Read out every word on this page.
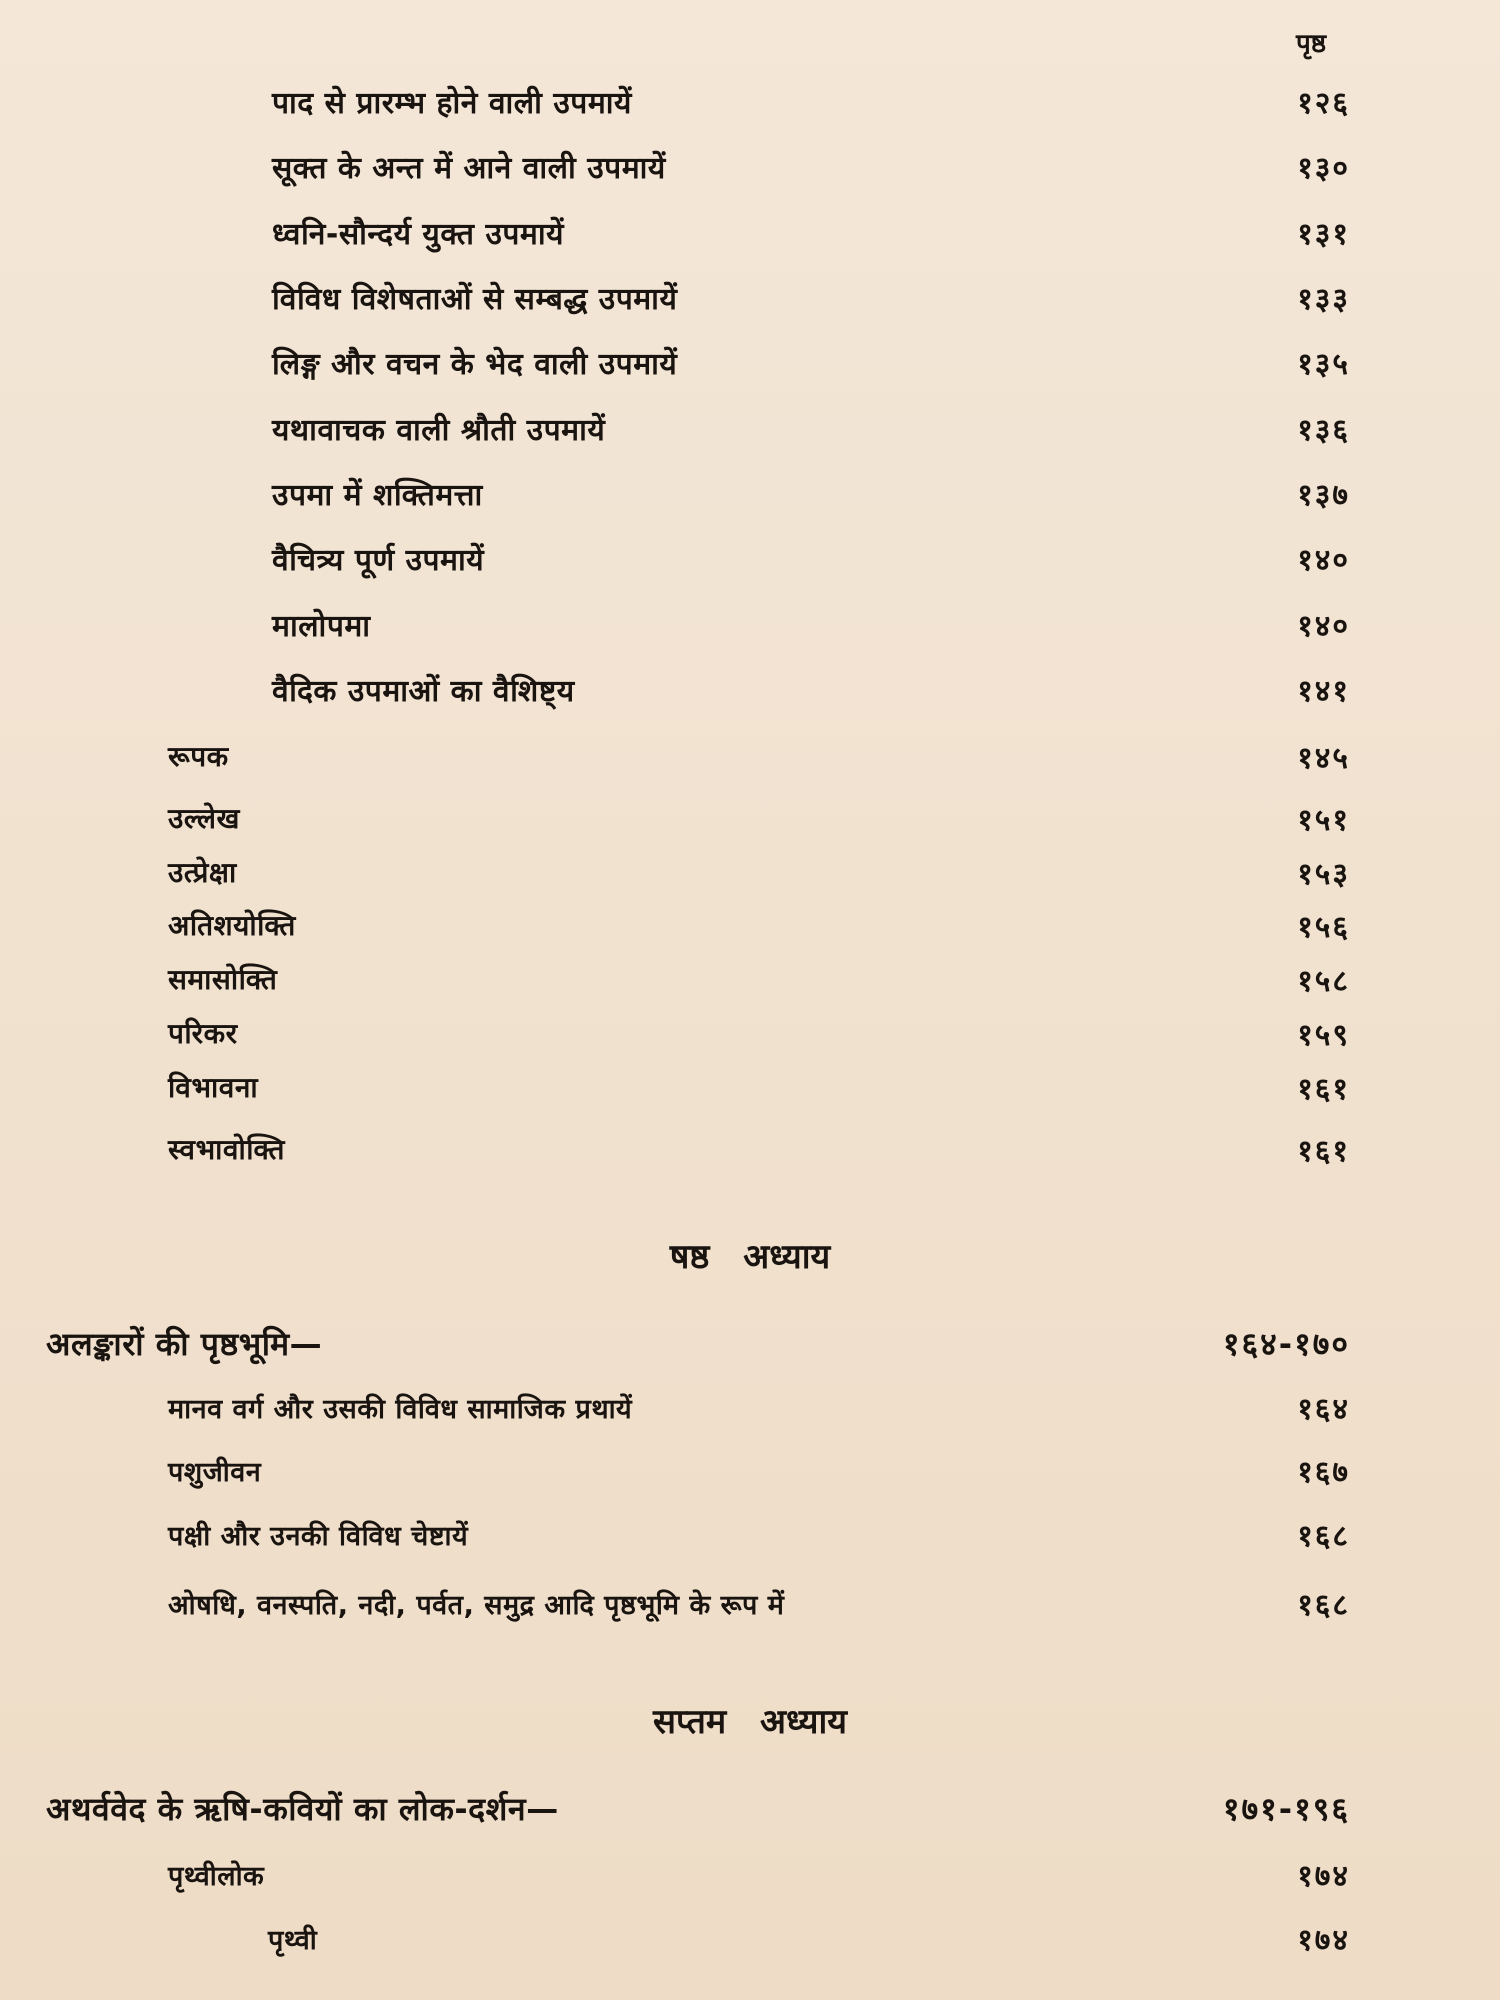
पृष्ठ
पाद से प्रारम्भ होने वाली उपमायें	१२६
सूक्त के अन्त में आने वाली उपमायें	१३०
ध्वनि-सौन्दर्य युक्त उपमायें	१३१
विविध विशेषताओं से सम्बद्ध उपमायें	१३३
लिङ्ग और वचन के भेद वाली उपमायें	१३५
यथावाचक वाली श्रौती उपमायें	१३६
उपमा में शक्तिमत्ता	१३७
वैचित्र्य पूर्ण उपमायें	१४०
मालोपमा	१४०
वैदिक उपमाओं का वैशिष्ट्य	१४१
रूपक	१४५
उल्लेख	१५१
उत्प्रेक्षा	१५३
अतिशयोक्ति	१५६
समासोक्ति	१५८
परिकर	१५९
विभावना	१६१
स्वभावोक्ति	१६१
षष्ठ अध्याय
अलङ्कारों की पृष्ठभूमि—	१६४-१७०
मानव वर्ग और उसकी विविध सामाजिक प्रथायें	१६४
पशुजीवन	१६७
पक्षी और उनकी विविध चेष्टायें	१६८
ओषधि, वनस्पति, नदी, पर्वत, समुद्र आदि पृष्ठभूमि के रूप में	१६८
सप्तम अध्याय
अथर्ववेद के ऋषि-कवियों का लोक-दर्शन—	१७१-१९६
पृथ्वीलोक	१७४
पृथ्वी	१७४
